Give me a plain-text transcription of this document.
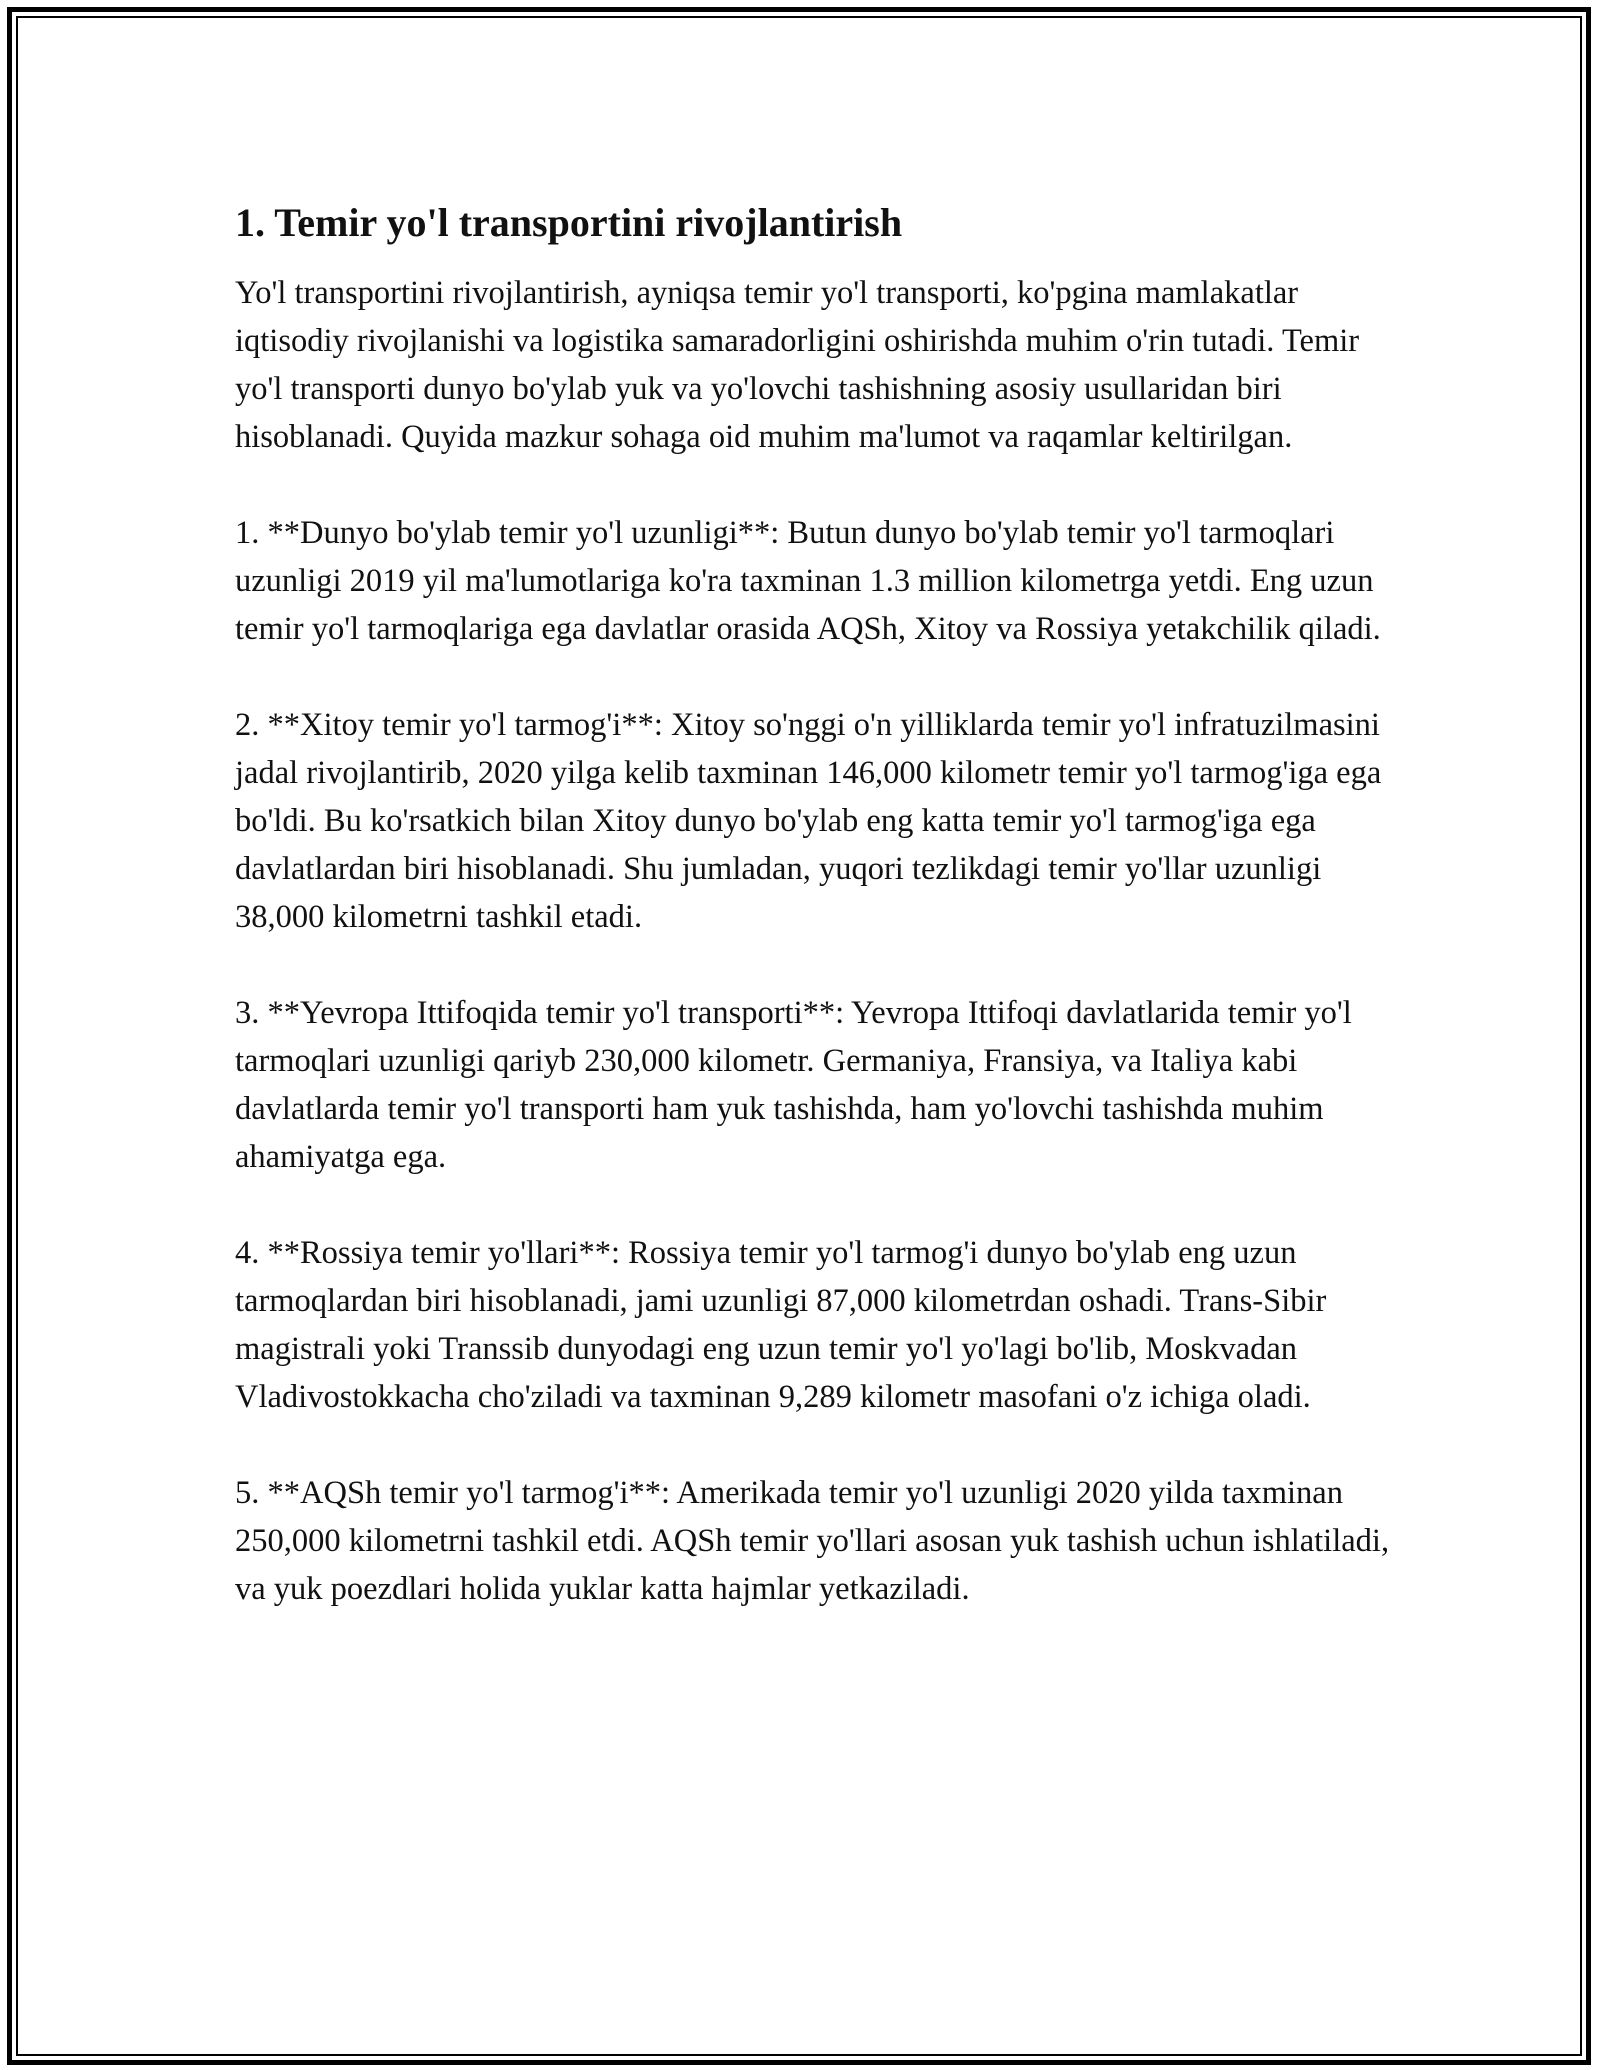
1. Temir yo'l transportini rivojlantirish

Yo'l transportini rivojlantirish, ayniqsa temir yo'l transporti, ko'pgina mamlakatlar iqtisodiy rivojlanishi va logistika samaradorligini oshirishda muhim o'rin tutadi. Temir yo'l transporti dunyo bo'ylab yuk va yo'lovchi tashishning asosiy usullaridan biri hisoblanadi. Quyida mazkur sohaga oid muhim ma'lumot va raqamlar keltirilgan.

1. **Dunyo bo'ylab temir yo'l uzunligi**: Butun dunyo bo'ylab temir yo'l tarmoqlari uzunligi 2019 yil ma'lumotlariga ko'ra taxminan 1.3 million kilometrga yetdi. Eng uzun temir yo'l tarmoqlariga ega davlatlar orasida AQSh, Xitoy va Rossiya yetakchilik qiladi.

2. **Xitoy temir yo'l tarmog'i**: Xitoy so'nggi o'n yilliklarda temir yo'l infratuzilmasini jadal rivojlantirib, 2020 yilga kelib taxminan 146,000 kilometr temir yo'l tarmog'iga ega bo'ldi. Bu ko'rsatkich bilan Xitoy dunyo bo'ylab eng katta temir yo'l tarmog'iga ega davlatlardan biri hisoblanadi. Shu jumladan, yuqori tezlikdagi temir yo'llar uzunligi 38,000 kilometrni tashkil etadi.

3. **Yevropa Ittifoqida temir yo'l transporti**: Yevropa Ittifoqi davlatlarida temir yo'l tarmoqlari uzunligi qariyb 230,000 kilometr. Germaniya, Fransiya, va Italiya kabi davlatlarda temir yo'l transporti ham yuk tashishda, ham yo'lovchi tashishda muhim ahamiyatga ega.

4. **Rossiya temir yo'llari**: Rossiya temir yo'l tarmog'i dunyo bo'ylab eng uzun tarmoqlardan biri hisoblanadi, jami uzunligi 87,000 kilometrdan oshadi. Trans-Sibir magistrali yoki Transsib dunyodagi eng uzun temir yo'l yo'lagi bo'lib, Moskvadan Vladivostokkacha cho'ziladi va taxminan 9,289 kilometr masofani o'z ichiga oladi.

5. **AQSh temir yo'l tarmog'i**: Amerikada temir yo'l uzunligi 2020 yilda taxminan 250,000 kilometrni tashkil etdi. AQSh temir yo'llari asosan yuk tashish uchun ishlatiladi, va yuk poezdlari holida yuklar katta hajmlar yetkaziladi.
